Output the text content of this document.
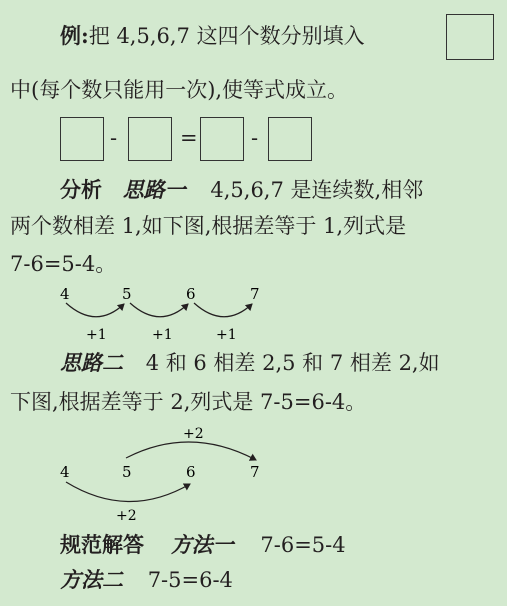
例:把 4,5,6,7 这四个数分别填入
中(每个数只能用一次),使等式成立。
-	=	-
分析 思路一 4,5,6,7 是连续数,相邻
两个数相差 1,如下图,根据差等于 1,列式是
7-6=5-4。
4	5	6	7
+1	+1	+1
思路二 4 和 6 相差 2,5 和 7 相差 2,如
下图,根据差等于 2,列式是 7-5=6-4。
+2
4	5	6	7
+2
规范解答 方法一 7-6=5-4
方法二 7-5=6-4
